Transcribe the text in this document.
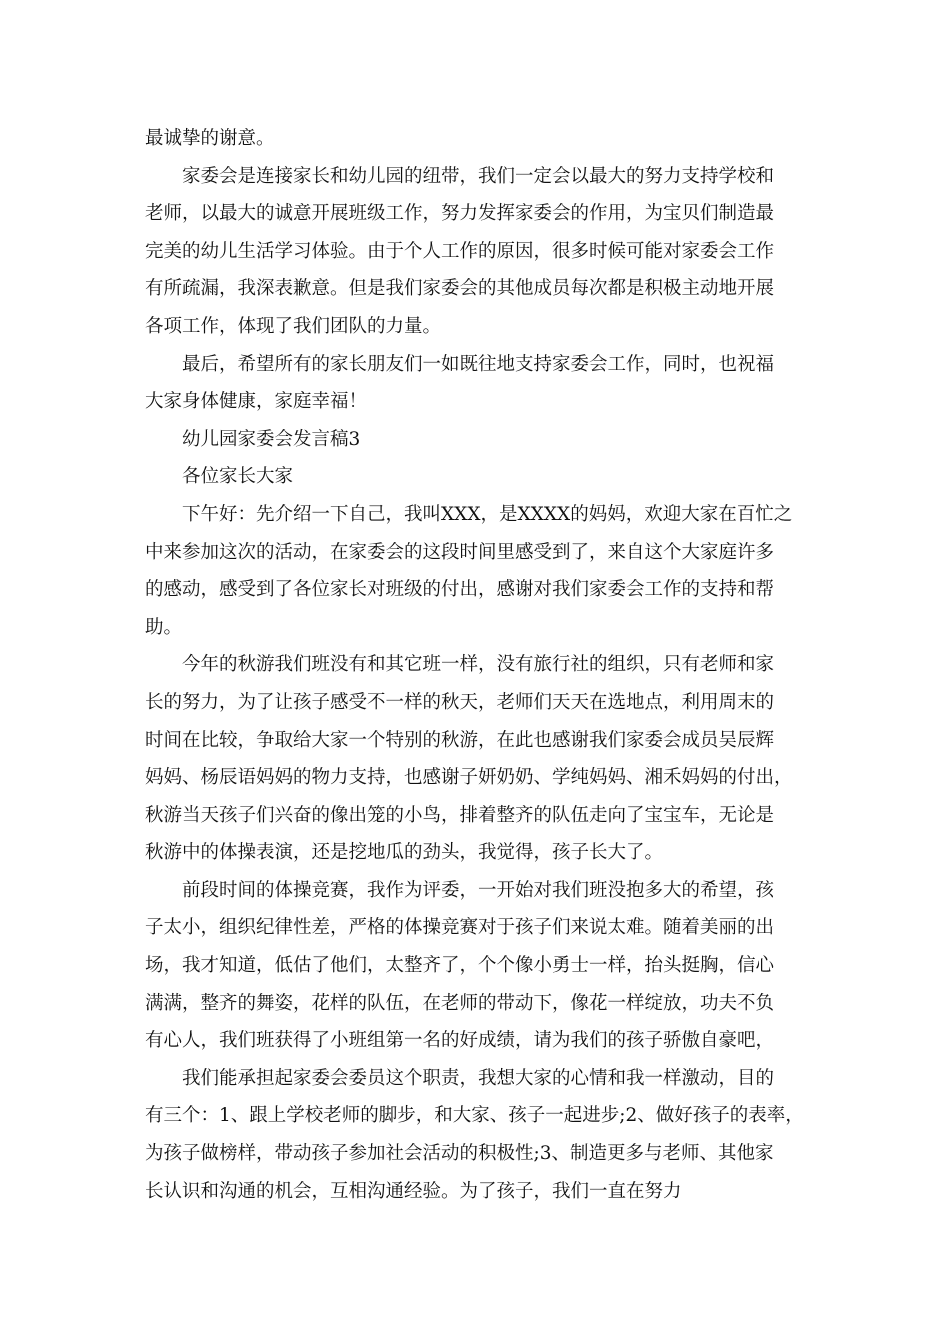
最诚挚的谢意。
家委会是连接家长和幼儿园的纽带，我们一定会以最大的努力支持学校和
老师，以最大的诚意开展班级工作，努力发挥家委会的作用，为宝贝们制造最
完美的幼儿生活学习体验。由于个人工作的原因，很多时候可能对家委会工作
有所疏漏，我深表歉意。但是我们家委会的其他成员每次都是积极主动地开展
各项工作，体现了我们团队的力量。
最后，希望所有的家长朋友们一如既往地支持家委会工作，同时，也祝福
大家身体健康，家庭幸福！
幼儿园家委会发言稿3
各位家长大家
下午好：先介绍一下自己，我叫XXX，是XXXX的妈妈，欢迎大家在百忙之
中来参加这次的活动，在家委会的这段时间里感受到了，来自这个大家庭许多
的感动，感受到了各位家长对班级的付出，感谢对我们家委会工作的支持和帮
助。
今年的秋游我们班没有和其它班一样，没有旅行社的组织，只有老师和家
长的努力，为了让孩子感受不一样的秋天，老师们天天在选地点，利用周末的
时间在比较，争取给大家一个特别的秋游，在此也感谢我们家委会成员吴辰辉
妈妈、杨辰语妈妈的物力支持，也感谢子妍奶奶、学纯妈妈、湘禾妈妈的付出，
秋游当天孩子们兴奋的像出笼的小鸟，排着整齐的队伍走向了宝宝车，无论是
秋游中的体操表演，还是挖地瓜的劲头，我觉得，孩子长大了。
前段时间的体操竞赛，我作为评委，一开始对我们班没抱多大的希望，孩
子太小，组织纪律性差，严格的体操竞赛对于孩子们来说太难。随着美丽的出
场，我才知道，低估了他们，太整齐了，个个像小勇士一样，抬头挺胸，信心
满满，整齐的舞姿，花样的队伍，在老师的带动下，像花一样绽放，功夫不负
有心人，我们班获得了小班组第一名的好成绩，请为我们的孩子骄傲自豪吧，
我们能承担起家委会委员这个职责，我想大家的心情和我一样激动，目的
有三个：1、跟上学校老师的脚步，和大家、孩子一起进步;2、做好孩子的表率，
为孩子做榜样，带动孩子参加社会活动的积极性;3、制造更多与老师、其他家
长认识和沟通的机会，互相沟通经验。为了孩子，我们一直在努力
